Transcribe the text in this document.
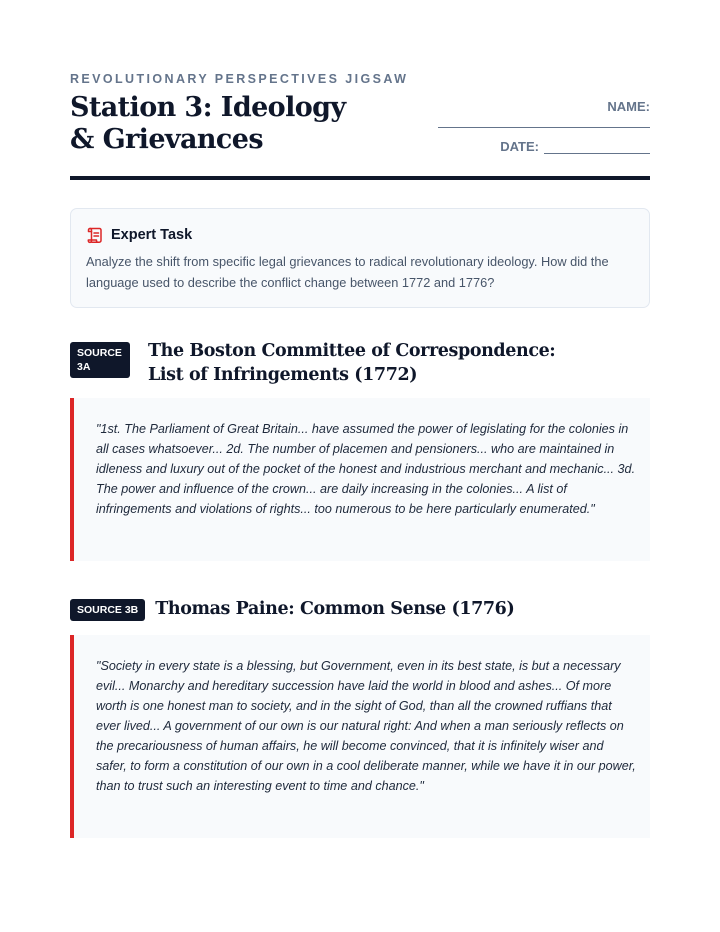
REVOLUTIONARY PERSPECTIVES JIGSAW
Station 3: Ideology & Grievances
NAME:
DATE:
Expert Task

Analyze the shift from specific legal grievances to radical revolutionary ideology. How did the language used to describe the conflict change between 1772 and 1776?

SOURCE 3A
The Boston Committee of Correspondence: List of Infringements (1772)

"1st. The Parliament of Great Britain... have assumed the power of legislating for the colonies in all cases whatsoever... 2d. The number of placemen and pensioners... who are maintained in idleness and luxury out of the pocket of the honest and industrious merchant and mechanic... 3d. The power and influence of the crown... are daily increasing in the colonies... A list of infringements and violations of rights... too numerous to be here particularly enumerated."

SOURCE 3B Thomas Paine: Common Sense (1776)

"Society in every state is a blessing, but Government, even in its best state, is but a necessary evil... Monarchy and hereditary succession have laid the world in blood and ashes... Of more worth is one honest man to society, and in the sight of God, than all the crowned ruffians that ever lived... A government of our own is our natural right: And when a man seriously reflects on the precariousness of human affairs, he will become convinced, that it is infinitely wiser and safer, to form a constitution of our own in a cool deliberate manner, while we have it in our power, than to trust such an interesting event to time and chance."
